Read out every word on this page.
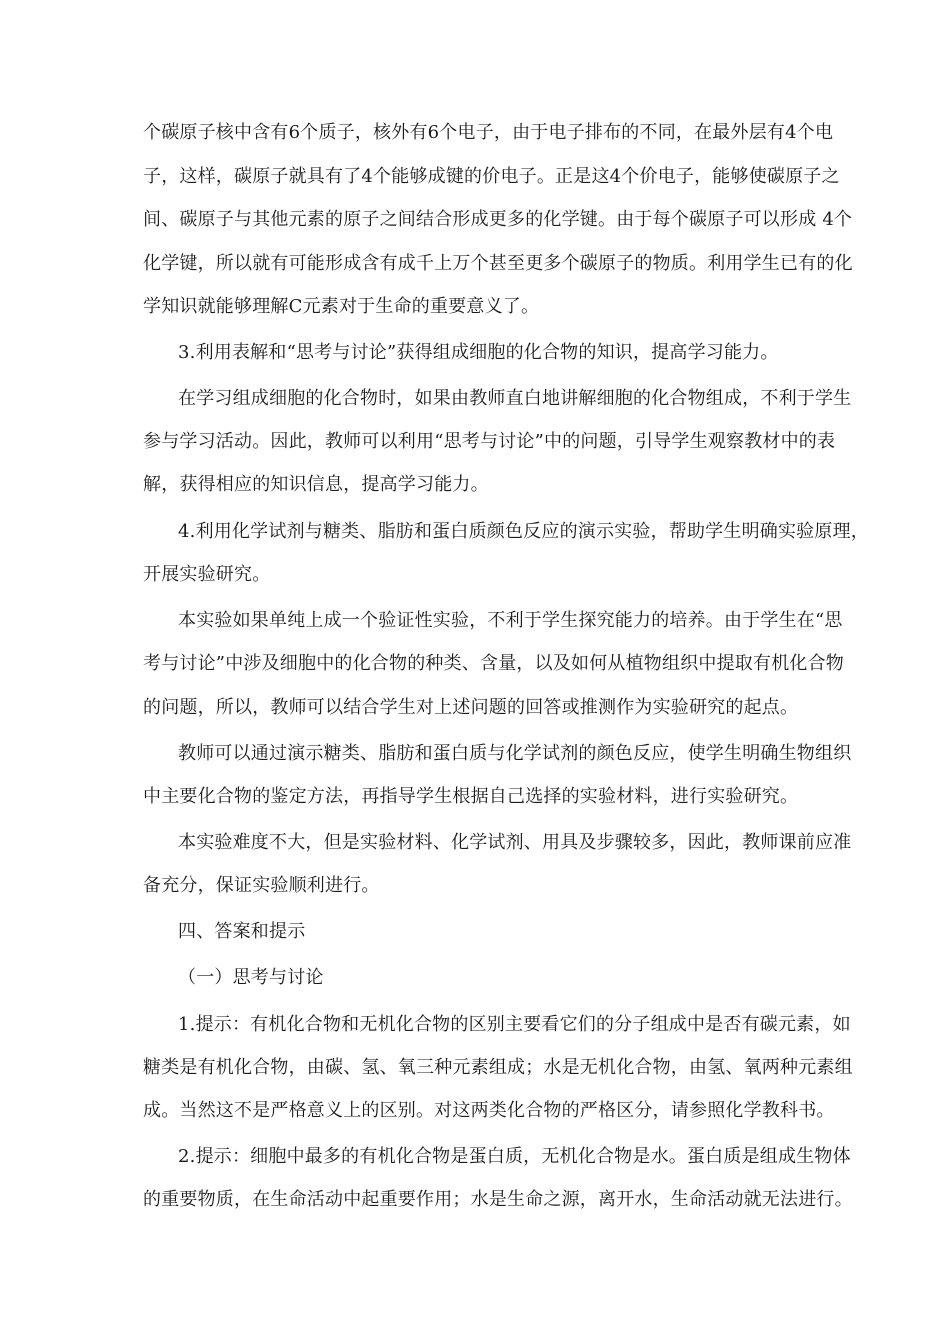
个碳原子核中含有6个质子，核外有6个电子，由于电子排布的不同，在最外层有4个电
子，这样，碳原子就具有了4个能够成键的价电子。正是这4个价电子，能够使碳原子之
间、碳原子与其他元素的原子之间结合形成更多的化学键。由于每个碳原子可以形成 4个
化学键，所以就有可能形成含有成千上万个甚至更多个碳原子的物质。利用学生已有的化
学知识就能够理解C元素对于生命的重要意义了。
3.利用表解和“思考与讨论”获得组成细胞的化合物的知识，提高学习能力。
在学习组成细胞的化合物时，如果由教师直白地讲解细胞的化合物组成，不利于学生
参与学习活动。因此，教师可以利用“思考与讨论”中的问题，引导学生观察教材中的表
解，获得相应的知识信息，提高学习能力。
4.利用化学试剂与糖类、脂肪和蛋白质颜色反应的演示实验，帮助学生明确实验原理，
开展实验研究。
本实验如果单纯上成一个验证性实验，不利于学生探究能力的培养。由于学生在“思
考与讨论”中涉及细胞中的化合物的种类、含量，以及如何从植物组织中提取有机化合物
的问题，所以，教师可以结合学生对上述问题的回答或推测作为实验研究的起点。
教师可以通过演示糖类、脂肪和蛋白质与化学试剂的颜色反应，使学生明确生物组织
中主要化合物的鉴定方法，再指导学生根据自己选择的实验材料，进行实验研究。
本实验难度不大，但是实验材料、化学试剂、用具及步骤较多，因此，教师课前应准
备充分，保证实验顺利进行。
四、答案和提示
（一）思考与讨论
1.提示：有机化合物和无机化合物的区别主要看它们的分子组成中是否有碳元素，如
糖类是有机化合物，由碳、氢、氧三种元素组成；水是无机化合物，由氢、氧两种元素组
成。当然这不是严格意义上的区别。对这两类化合物的严格区分，请参照化学教科书。
2.提示：细胞中最多的有机化合物是蛋白质，无机化合物是水。蛋白质是组成生物体
的重要物质，在生命活动中起重要作用；水是生命之源，离开水，生命活动就无法进行。
